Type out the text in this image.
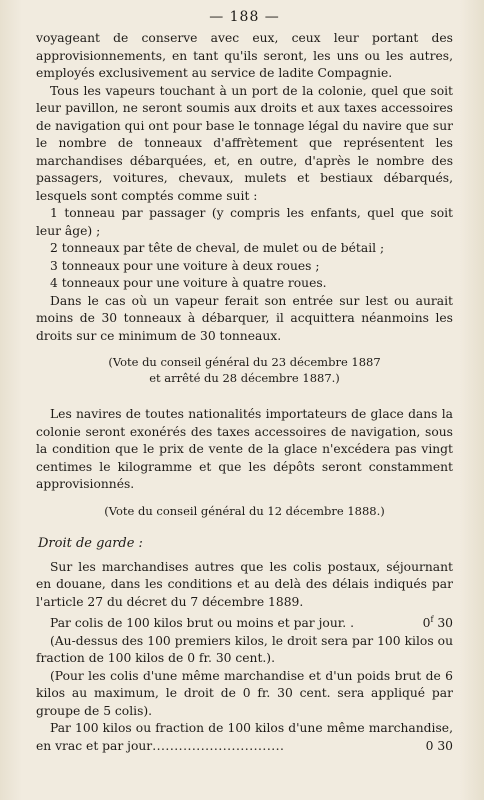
— 188 —

voyageant de conserve avec eux, ceux leur portant des approvisionnements, en tant qu'ils seront, les uns ou les autres, employés exclusivement au service de ladite Compagnie.

Tous les vapeurs touchant à un port de la colonie, quel que soit leur pavillon, ne seront soumis aux droits et aux taxes accessoires de navigation qui ont pour base le tonnage légal du navire que sur le nombre de tonneaux d'affrètement que représentent les marchandises débarquées, et, en outre, d'après le nombre des passagers, voitures, chevaux, mulets et bestiaux débarqués, lesquels sont comptés comme suit :

1 tonneau par passager (y compris les enfants, quel que soit leur âge) ;

2 tonneaux par tête de cheval, de mulet ou de bétail ;

3 tonneaux pour une voiture à deux roues ;

4 tonneaux pour une voiture à quatre roues.

Dans le cas où un vapeur ferait son entrée sur lest ou aurait moins de 30 tonneaux à débarquer, il acquittera néanmoins les droits sur ce minimum de 30 tonneaux.

(Vote du conseil général du 23 décembre 1887

et arrêté du 28 décembre 1887.)

Les navires de toutes nationalités importateurs de glace dans la colonie seront exonérés des taxes accessoires de navigation, sous la condition que le prix de vente de la glace n'excédera pas vingt centimes le kilogramme et que les dépôts seront constamment approvisionnés.

(Vote du conseil général du 12 décembre 1888.)

Droit de garde :

Sur les marchandises autres que les colis postaux, séjournant en douane, dans les conditions et au delà des délais indiqués par l'article 27 du décret du 7 décembre 1889.

Par colis de 100 kilos brut ou moins et par jour. .	0$^f$ 30

(Au-dessus des 100 premiers kilos, le droit sera par 100 kilos ou fraction de 100 kilos de 0 fr. 30 cent.).

(Pour les colis d'une même marchandise et d'un poids brut de 6 kilos au maximum, le droit de 0 fr. 30 cent. sera appliqué par groupe de 5 colis).

Par 100 kilos ou fraction de 100 kilos d'une même marchandise, en vrac et par jour..............................	0 30
